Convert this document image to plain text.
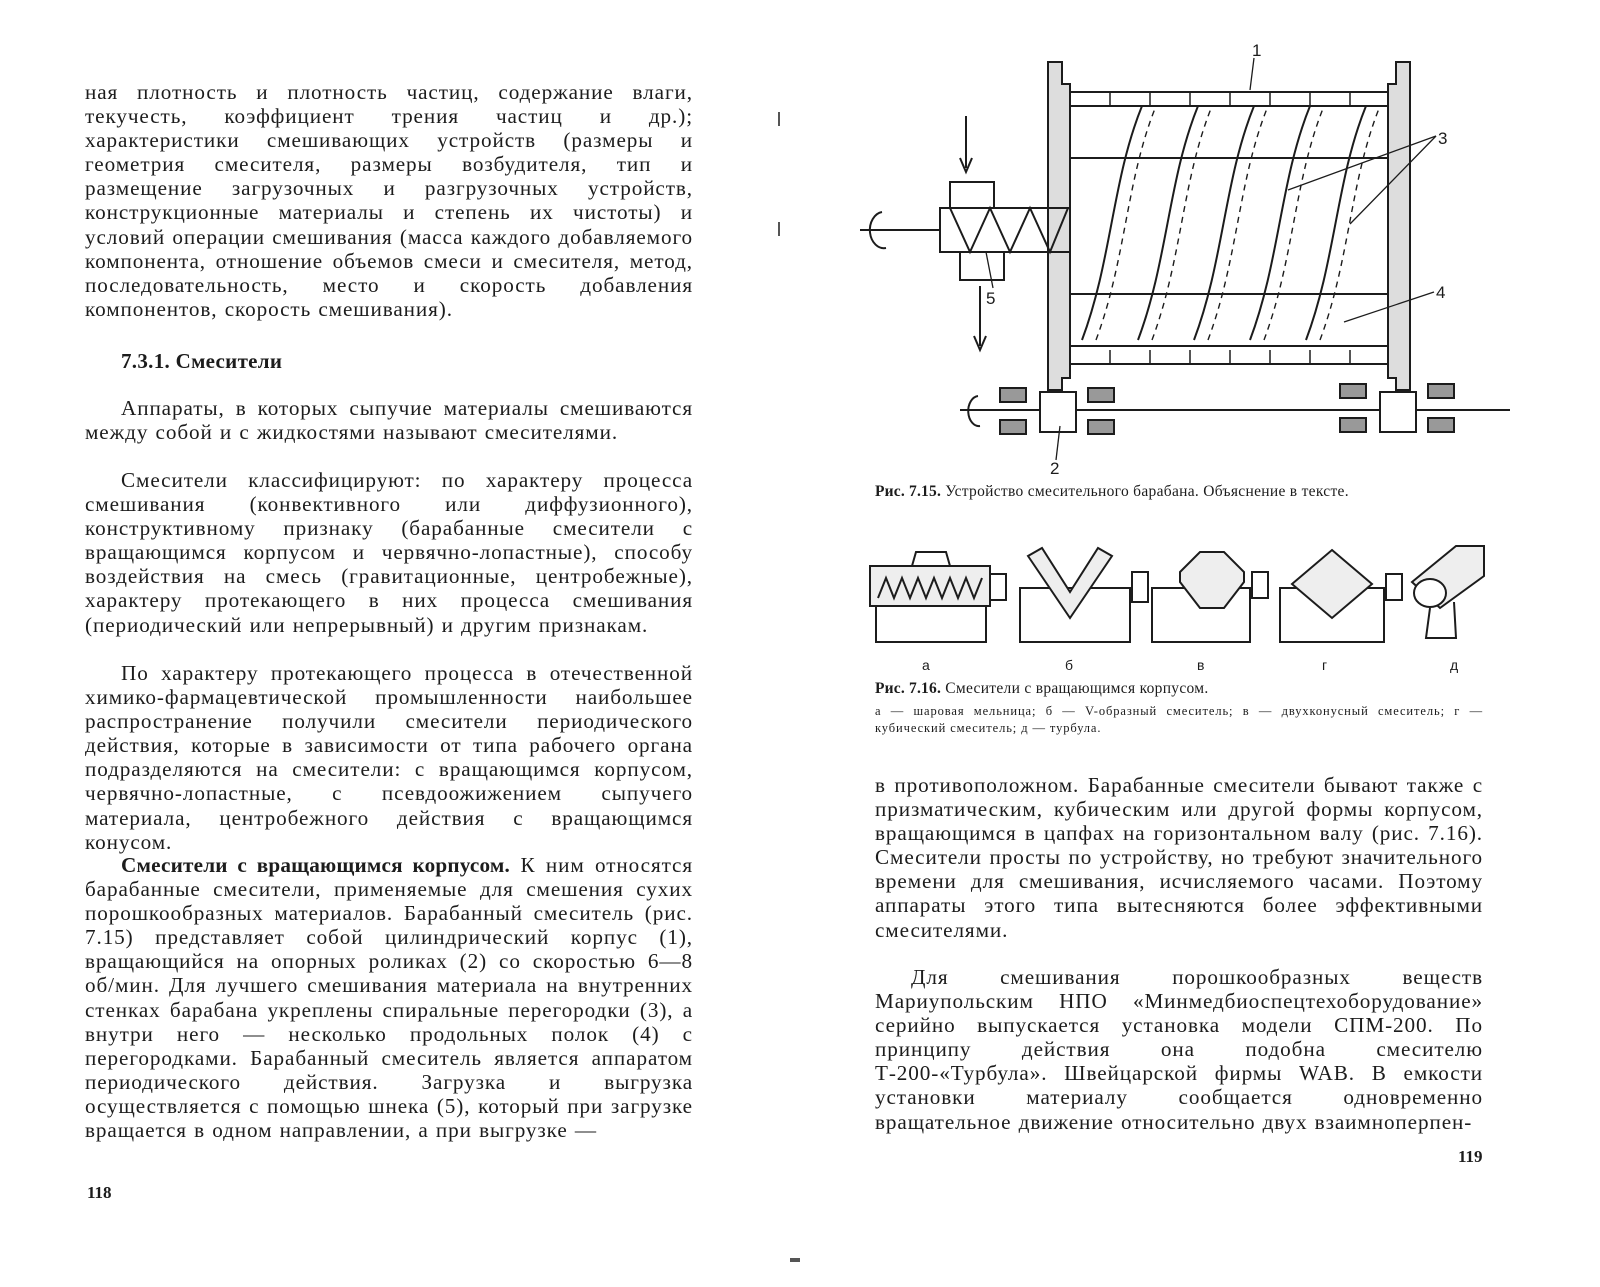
ная плотность и плотность частиц, содержание влаги, текучесть, коэффициент трения частиц и др.); характеристики смешивающих устройств (размеры и геометрия смесителя, размеры возбудителя, тип и размещение загрузочных и разгрузочных устройств, конструкционные материалы и степень их чистоты) и условий операции смешивания (масса каждого добавляемого компонента, отношение объемов смеси и смесителя, метод, последовательность, место и скорость добавления компонентов, скорость смешивания).

7.3.1. Смесители

Аппараты, в которых сыпучие материалы смешиваются между собой и с жидкостями называют смесителями.

Смесители классифицируют: по характеру процесса смешивания (конвективного или диффузионного), конструктивному признаку (барабанные смесители с вращающимся корпусом и червячно-лопастные), способу воздействия на смесь (гравитационные, центробежные), характеру протекающего в них процесса смешивания (периодический или непрерывный) и другим признакам.

По характеру протекающего процесса в отечественной химико-фармацевтической промышленности наибольшее распространение получили смесители периодического действия, которые в зависимости от типа рабочего органа подразделяются на смесители: с вращающимся корпусом, червячно-лопастные, с псевдоожижением сыпучего материала, центробежного действия с вращающимся конусом.

Смесители с вращающимся корпусом. К ним относятся барабанные смесители, применяемые для смешения сухих порошкообразных материалов. Барабанный смеситель (рис. 7.15) представляет собой цилиндрический корпус (1), вращающийся на опорных роликах (2) со скоростью 6—8 об/мин. Для лучшего смешивания материала на внутренних стенках барабана укреплены спиральные перегородки (3), а внутри него — несколько продольных полок (4) с перегородками. Барабанный смеситель является аппаратом периодического действия. Загрузка и выгрузка осуществляется с помощью шнека (5), который при загрузке вращается в одном направлении, а при выгрузке —

118

1
2
3
4
5

Рис. 7.15. Устройство смесительного барабана. Объяснение в тексте.

а	б	в	г	д

Рис. 7.16. Смесители с вращающимся корпусом.

а — шаровая мельница; б — V-образный смеситель; в — двухконусный смеситель; г — кубический смеситель; д — турбула.

в противоположном. Барабанные смесители бывают также с призматическим, кубическим или другой формы корпусом, вращающимся в цапфах на горизонтальном валу (рис. 7.16). Смесители просты по устройству, но требуют значительного времени для смешивания, исчисляемого часами. Поэтому аппараты этого типа вытесняются более эффективными смесителями.

Для смешивания порошкообразных веществ Мариупольским НПО «Минмедбиоспецтехоборудование» серийно выпускается установка модели СПМ-200. По принципу действия она подобна смесителю Т-200-«Турбула». Швейцарской фирмы WAB. В емкости установки материалу сообщается одновременно вращательное движение относительно двух взаимноперпен-

119
